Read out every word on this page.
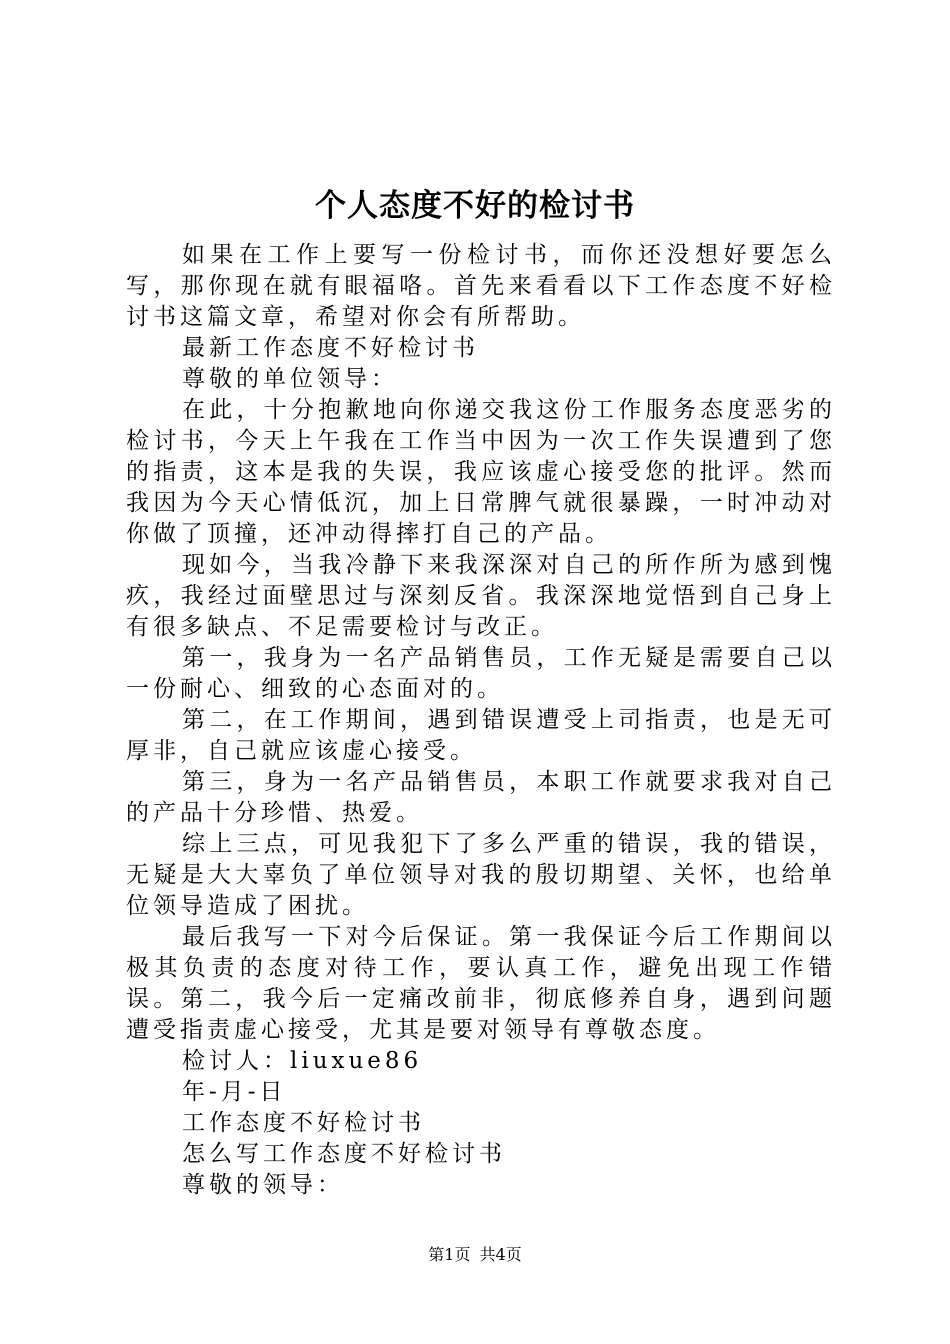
个人态度不好的检讨书

如果在工作上要写一份检讨书，而你还没想好要怎么写，那你现在就有眼福咯。首先来看看以下工作态度不好检讨书这篇文章，希望对你会有所帮助。

最新工作态度不好检讨书

尊敬的单位领导：

在此，十分抱歉地向你递交我这份工作服务态度恶劣的检讨书，今天上午我在工作当中因为一次工作失误遭到了您的指责，这本是我的失误，我应该虚心接受您的批评。然而我因为今天心情低沉，加上日常脾气就很暴躁，一时冲动对你做了顶撞，还冲动得摔打自己的产品。

现如今，当我冷静下来我深深对自己的所作所为感到愧疚，我经过面壁思过与深刻反省。我深深地觉悟到自己身上有很多缺点、不足需要检讨与改正。

第一，我身为一名产品销售员，工作无疑是需要自己以一份耐心、细致的心态面对的。

第二，在工作期间，遇到错误遭受上司指责，也是无可厚非，自己就应该虚心接受。

第三，身为一名产品销售员，本职工作就要求我对自己的产品十分珍惜、热爱。

综上三点，可见我犯下了多么严重的错误，我的错误，无疑是大大辜负了单位领导对我的殷切期望、关怀，也给单位领导造成了困扰。

最后我写一下对今后保证。第一我保证今后工作期间以极其负责的态度对待工作，要认真工作，避免出现工作错误。第二，我今后一定痛改前非，彻底修养自身，遇到问题遭受指责虚心接受，尤其是要对领导有尊敬态度。

检讨人：liuxue86

年-月-日

工作态度不好检讨书

怎么写工作态度不好检讨书

尊敬的领导：

第1页 共4页
